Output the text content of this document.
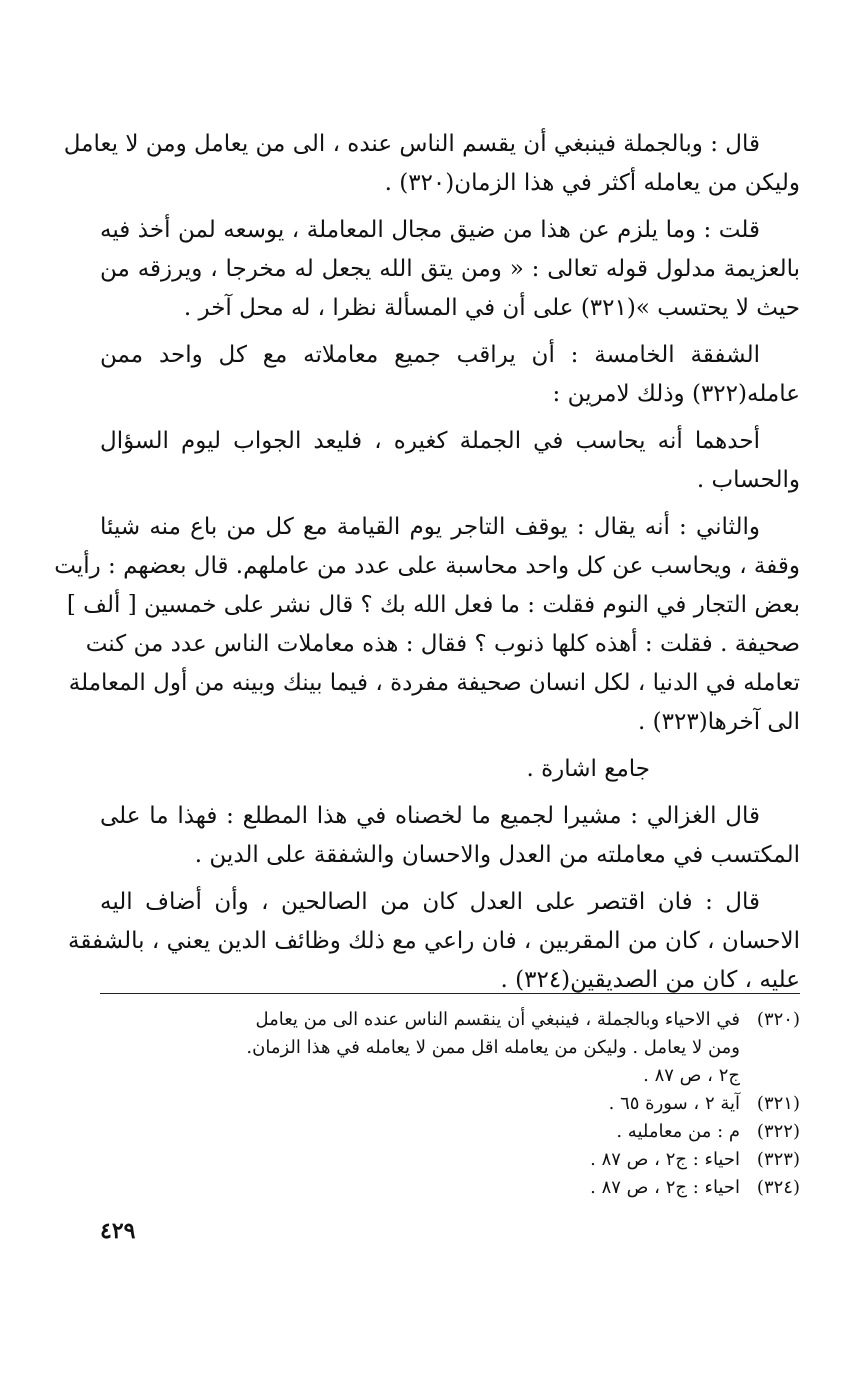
قال : وبالجملة فينبغي أن يقسم الناس عنده ، الى من يعامل ومن لا يعامل
وليكن من يعامله أكثر في هذا الزمان(٣٢٠) .
قلت : وما يلزم عن هذا من ضيق مجال المعاملة ، يوسعه لمن أخذ فيه
بالعزيمة مدلول قوله تعالى : « ومن يتق الله يجعل له مخرجا ، ويرزقه من
حيث لا يحتسب »(٣٢١) على أن في المسألة نظرا ، له محل آخر .
الشفقة الخامسة : أن يراقب جميع معاملاته مع كل واحد ممن
عامله(٣٢٢) وذلك لامرين :
أحدهما أنه يحاسب في الجملة كغيره ، فليعد الجواب ليوم السؤال
والحساب .
والثاني : أنه يقال : يوقف التاجر يوم القيامة مع كل من باع منه شيئا
وقفة ، ويحاسب عن كل واحد محاسبة على عدد من عاملهم. قال بعضهم : رأيت
بعض التجار في النوم فقلت : ما فعل الله بك ؟ قال نشر على خمسين [ ألف ]
صحيفة . فقلت : أهذه كلها ذنوب ؟ فقال : هذه معاملات الناس عدد من كنت
تعامله في الدنيا ، لكل انسان صحيفة مفردة ، فيما بينك وبينه من أول المعاملة
الى آخرها(٣٢٣) .
جامع اشارة .
قال الغزالي : مشيرا لجميع ما لخصناه في هذا المطلع : فهذا ما على
المكتسب في معاملته من العدل والاحسان والشفقة على الدين .
قال : فان اقتصر على العدل كان من الصالحين ، وأن أضاف اليه
الاحسان ، كان من المقربين ، فان راعي مع ذلك وظائف الدين يعني ، بالشفقة
عليه ، كان من الصديقين(٣٢٤) .
(٣٢٠)
في الاحياء وبالجملة ، فينبغي أن ينقسم الناس عنده الى من يعامل
ومن لا يعامل . وليكن من يعامله اقل ممن لا يعامله في هذا الزمان.
ج٢ ، ص ٨٧ .
(٣٢١)
آية ٢ ، سورة ٦٥ .
(٣٢٢)
م : من معامليه .
(٣٢٣)
احياء : ج٢ ، ص ٨٧ .
(٣٢٤)
احياء : ج٢ ، ص ٨٧ .
٤٢٩
